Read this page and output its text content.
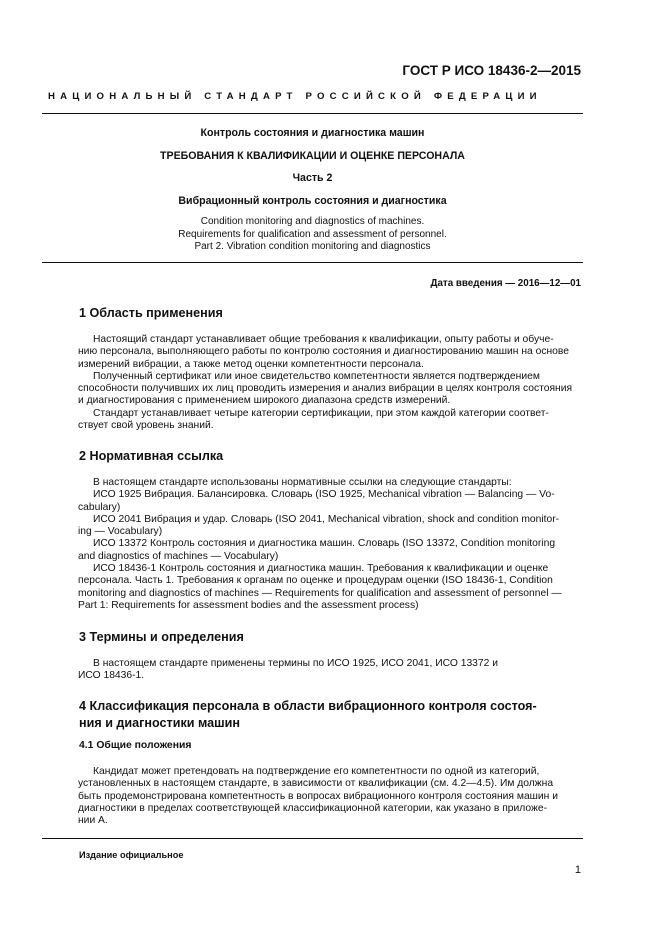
ГОСТ Р ИСО 18436-2—2015
НАЦИОНАЛЬНЫЙ СТАНДАРТ РОССИЙСКОЙ ФЕДЕРАЦИИ
Контроль состояния и диагностика машин
ТРЕБОВАНИЯ К КВАЛИФИКАЦИИ И ОЦЕНКЕ ПЕРСОНАЛА
Часть 2
Вибрационный контроль состояния и диагностика
Condition monitoring and diagnostics of machines.
Requirements for qualification and assessment of personnel.
Part 2. Vibration condition monitoring and diagnostics
Дата введения — 2016—12—01
1 Область применения

Настоящий стандарт устанавливает общие требования к квалификации, опыту работы и обуче-

нию персонала, выполняющего работы по контролю состояния и диагностированию машин на основе

измерений вибрации, а также метод оценки компетентности персонала.

Полученный сертификат или иное свидетельство компетентности является подтверждением

способности получивших их лиц проводить измерения и анализ вибрации в целях контроля состояния

и диагностирования с применением широкого диапазона средств измерений.

Стандарт устанавливает четыре категории сертификации, при этом каждой категории соответ-

ствует свой уровень знаний.

2 Нормативная ссылка

В настоящем стандарте использованы нормативные ссылки на следующие стандарты:

ИСО 1925 Вибрация. Балансировка. Словарь (ISO 1925, Mechanical vibration — Balancing — Vo-

cabulary)

ИСО 2041 Вибрация и удар. Словарь (ISO 2041, Mechanical vibration, shock and condition monitor-

ing — Vocabulary)

ИСО 13372 Контроль состояния и диагностика машин. Словарь (ISO 13372, Condition monitoring

and diagnostics of machines — Vocabulary)

ИСО 18436-1 Контроль состояния и диагностика машин. Требования к квалификации и оценке

персонала. Часть 1. Требования к органам по оценке и процедурам оценки (ISO 18436-1, Condition

monitoring and diagnostics of machines — Requirements for qualification and assessment of personnel —

Part 1: Requirements for assessment bodies and the assessment process)

3 Термины и определения

В настоящем стандарте применены термины по ИСО 1925, ИСО 2041, ИСО 13372 и

ИСО 18436-1.

4 Классификация персонала в области вибрационного контроля состоя-
ния и диагностики машин
4.1 Общие положения

Кандидат может претендовать на подтверждение его компетентности по одной из категорий,

установленных в настоящем стандарте, в зависимости от квалификации (см. 4.2—4.5). Им должна

быть продемонстрирована компетентность в вопросах вибрационного контроля состояния машин и

диагностики в пределах соответствующей классификационной категории, как указано в приложе-

нии А.

Издание официальное
1
